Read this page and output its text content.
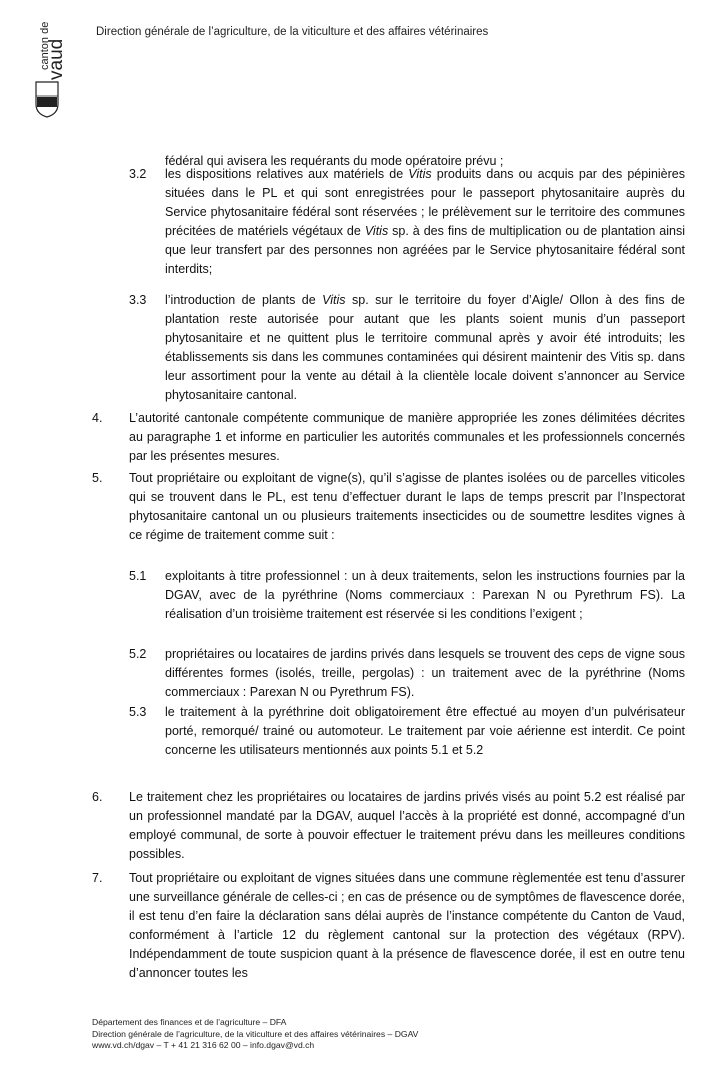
canton de
vaud
Direction générale de l’agriculture, de la viticulture et des affaires vétérinaires
fédéral qui avisera les requérants du mode opératoire prévu ;
3.2 les dispositions relatives aux matériels de Vitis produits dans ou acquis par des pépinières situées dans le PL et qui sont enregistrées pour le passeport phytosanitaire auprès du Service phytosanitaire fédéral sont réservées ; le prélèvement sur le territoire des communes précitées de matériels végétaux de Vitis sp. à des fins de multiplication ou de plantation ainsi que leur transfert par des personnes non agréées par le Service phytosanitaire fédéral sont interdits;
3.3 l’introduction de plants de Vitis sp. sur le territoire du foyer d’Aigle/ Ollon à des fins de plantation reste autorisée pour autant que les plants soient munis d’un passeport phytosanitaire et ne quittent plus le territoire communal après y avoir été introduits; les établissements sis dans les communes contaminées qui désirent maintenir des Vitis sp. dans leur assortiment pour la vente au détail à la clientèle locale doivent s’annoncer au Service phytosanitaire cantonal.
4. L’autorité cantonale compétente communique de manière appropriée les zones délimitées décrites au paragraphe 1 et informe en particulier les autorités communales et les professionnels concernés par les présentes mesures.
5. Tout propriétaire ou exploitant de vigne(s), qu’il s’agisse de plantes isolées ou de parcelles viticoles qui se trouvent dans le PL, est tenu d’effectuer durant le laps de temps prescrit par l’Inspectorat phytosanitaire cantonal un ou plusieurs traitements insecticides ou de soumettre lesdites vignes à ce régime de traitement comme suit :
5.1 exploitants à titre professionnel : un à deux traitements, selon les instructions fournies par la DGAV, avec de la pyréthrine (Noms commerciaux : Parexan N ou Pyrethrum FS). La réalisation d’un troisième traitement est réservée si les conditions l’exigent ;
5.2 propriétaires ou locataires de jardins privés dans lesquels se trouvent des ceps de vigne sous différentes formes (isolés, treille, pergolas) : un traitement avec de la pyréthrine (Noms commerciaux : Parexan N ou Pyrethrum FS).
5.3 le traitement à la pyréthrine doit obligatoirement être effectué au moyen d’un pulvérisateur porté, remorqué/ trainé ou automoteur. Le traitement par voie aérienne est interdit. Ce point concerne les utilisateurs mentionnés aux points 5.1 et 5.2
6. Le traitement chez les propriétaires ou locataires de jardins privés visés au point 5.2 est réalisé par un professionnel mandaté par la DGAV, auquel l’accès à la propriété est donné, accompagné d’un employé communal, de sorte à pouvoir effectuer le traitement prévu dans les meilleures conditions possibles.
7. Tout propriétaire ou exploitant de vignes situées dans une commune règlementée est tenu d’assurer une surveillance générale de celles-ci ; en cas de présence ou de symptômes de flavescence dorée, il est tenu d’en faire la déclaration sans délai auprès de l’instance compétente du Canton de Vaud, conformément à l’article 12 du règlement cantonal sur la protection des végétaux (RPV). Indépendamment de toute suspicion quant à la présence de flavescence dorée, il est en outre tenu d’annoncer toutes les
Département des finances et de l’agriculture – DFA
Direction générale de l’agriculture, de la viticulture et des affaires vétérinaires – DGAV
www.vd.ch/dgav – T + 41 21 316 62 00 – info.dgav@vd.ch
